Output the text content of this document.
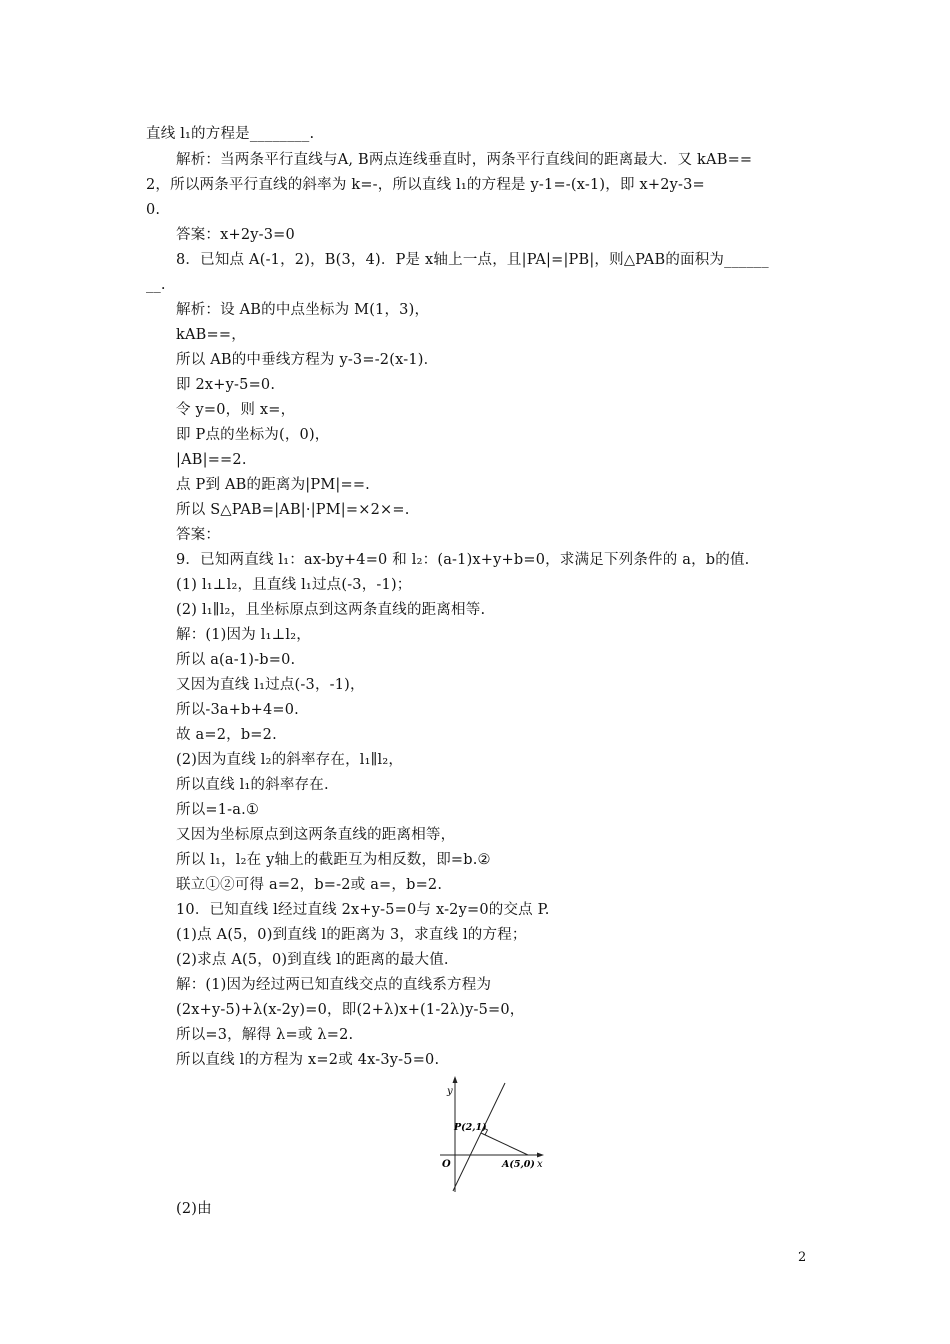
直线 l₁的方程是________.
解析：当两条平行直线与A, B两点连线垂直时，两条平行直线间的距离最大．又 kAB==
2，所以两条平行直线的斜率为 k=-，所以直线 l₁的方程是 y-1=-(x-1)，即 x+2y-3=
0.
答案：x+2y-3=0
8．已知点 A(-1，2)，B(3，4)．P是 x轴上一点，且|PA|=|PB|，则△PAB的面积为______
__.
解析：设 AB的中点坐标为 M(1，3)，
kAB==，
所以 AB的中垂线方程为 y-3=-2(x-1)．
即 2x+y-5=0.
令 y=0，则 x=，
即 P点的坐标为(，0)，
|AB|==2.
点 P到 AB的距离为|PM|==.
所以 S△PAB=|AB|·|PM|=×2×=.
答案：
9．已知两直线 l₁：ax-by+4=0 和 l₂：(a-1)x+y+b=0，求满足下列条件的 a，b的值.
(1) l₁⊥l₂，且直线 l₁过点(-3，-1)；
(2) l₁∥l₂，且坐标原点到这两条直线的距离相等.
解：(1)因为 l₁⊥l₂，
所以 a(a-1)-b=0.
又因为直线 l₁过点(-3，-1)，
所以-3a+b+4=0.
故 a=2，b=2.
(2)因为直线 l₂的斜率存在，l₁∥l₂，
所以直线 l₁的斜率存在.
所以=1-a.①
又因为坐标原点到这两条直线的距离相等，
所以 l₁，l₂在 y轴上的截距互为相反数，即=b.②
联立①②可得 a=2，b=-2或 a=，b=2.
10．已知直线 l经过直线 2x+y-5=0与 x-2y=0的交点 P.
(1)点 A(5，0)到直线 l的距离为 3，求直线 l的方程；
(2)求点 A(5，0)到直线 l的距离的最大值.
解：(1)因为经过两已知直线交点的直线系方程为
(2x+y-5)+λ(x-2y)=0，即(2+λ)x+(1-2λ)y-5=0，
所以=3，解得 λ=或 λ=2.
所以直线 l的方程为 x=2或 4x-3y-5=0.
y
x
O
P(2,1)
A(5,0)
(2)由
2
